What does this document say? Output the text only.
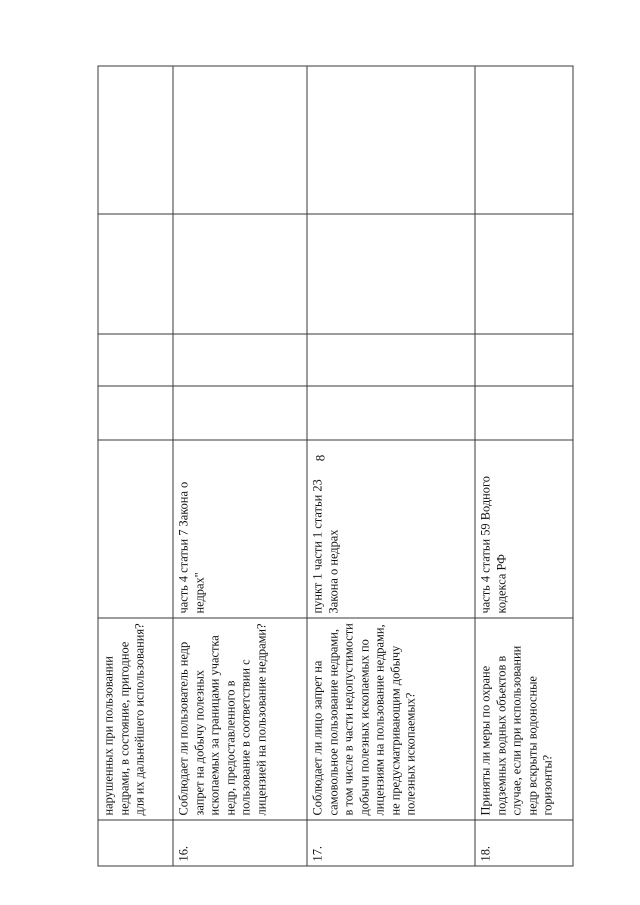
8
	нарушенных при пользовании недрами, в состояние, пригодное для их дальнейшего использования?					
16.	Соблюдает ли пользователь недр запрет на добычу полезных ископаемых за границами участка недр, предоставленного в пользование в соответствии с лицензией на пользование недрами?	часть 4 статьи 7 Закона о недрах"				
17.	Соблюдает ли лицо запрет на самовольное пользование недрами, в том числе в части недопустимости добычи полезных ископаемых по лицензиям на пользование недрами, не предусматривающим добычу полезных ископаемых?	пункт 1 части 1 статьи 23 Закона о недрах				
18.	Приняты ли меры по охране подземных водных объектов в случае, если при использовании недр вскрыты водоносные горизонты?	часть 4 статьи 59 Водного кодекса РФ				
